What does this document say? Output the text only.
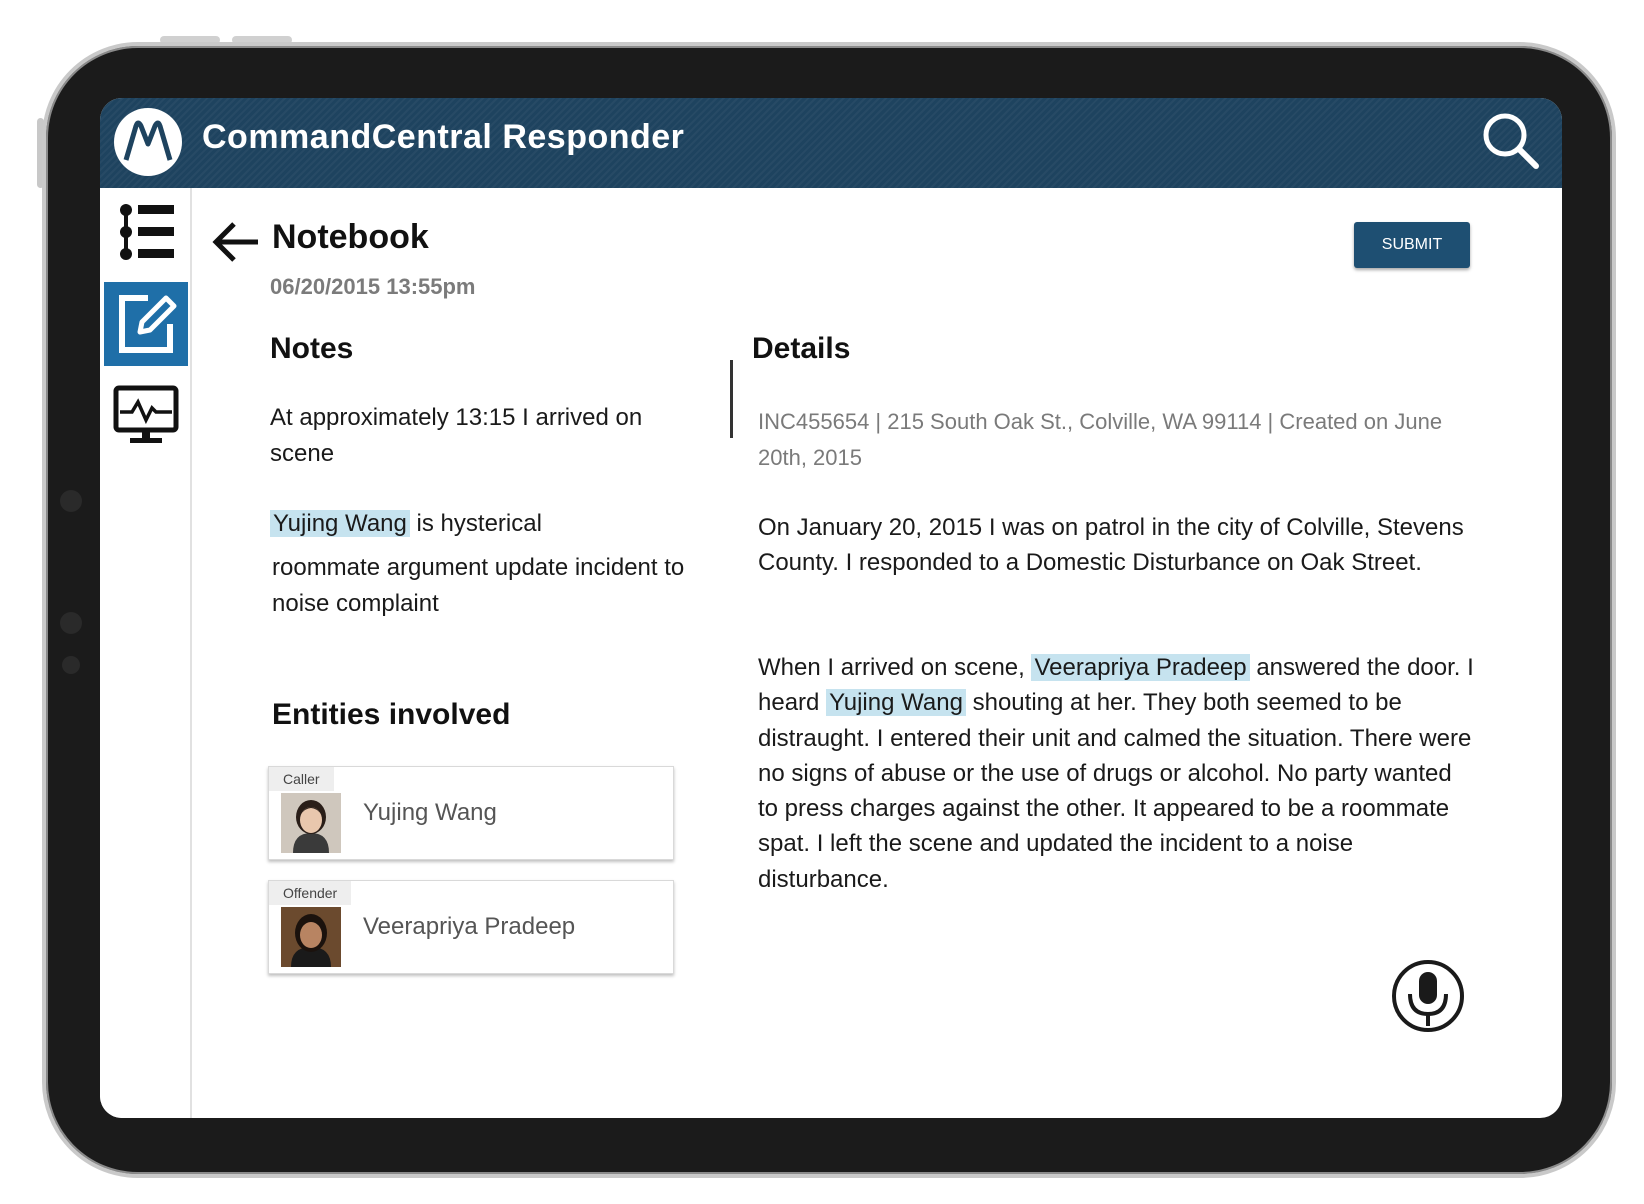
CommandCentral Responder
Notebook
06/20/2015 13:55pm
SUBMIT
Notes
At approximately 13:15 I arrived on scene
Yujing Wang is hysterical
roommate argument update incident to noise complaint
Entities involved
Caller
Yujing Wang
Offender
Veerapriya Pradeep
Details
INC455654 | 215 South Oak St., Colville, WA 99114 | Created on June 20th, 2015
On January 20, 2015 I was on patrol in the city of Colville, Stevens County. I responded to a Domestic Disturbance on Oak Street.
When I arrived on scene, Veerapriya Pradeep answered the door. I heard Yujing Wang shouting at her. They both seemed to be distraught. I entered their unit and calmed the situation. There were no signs of abuse or the use of drugs or alcohol. No party wanted to press charges against the other. It appeared to be a roommate spat. I left the scene and updated the incident to a noise disturbance.
